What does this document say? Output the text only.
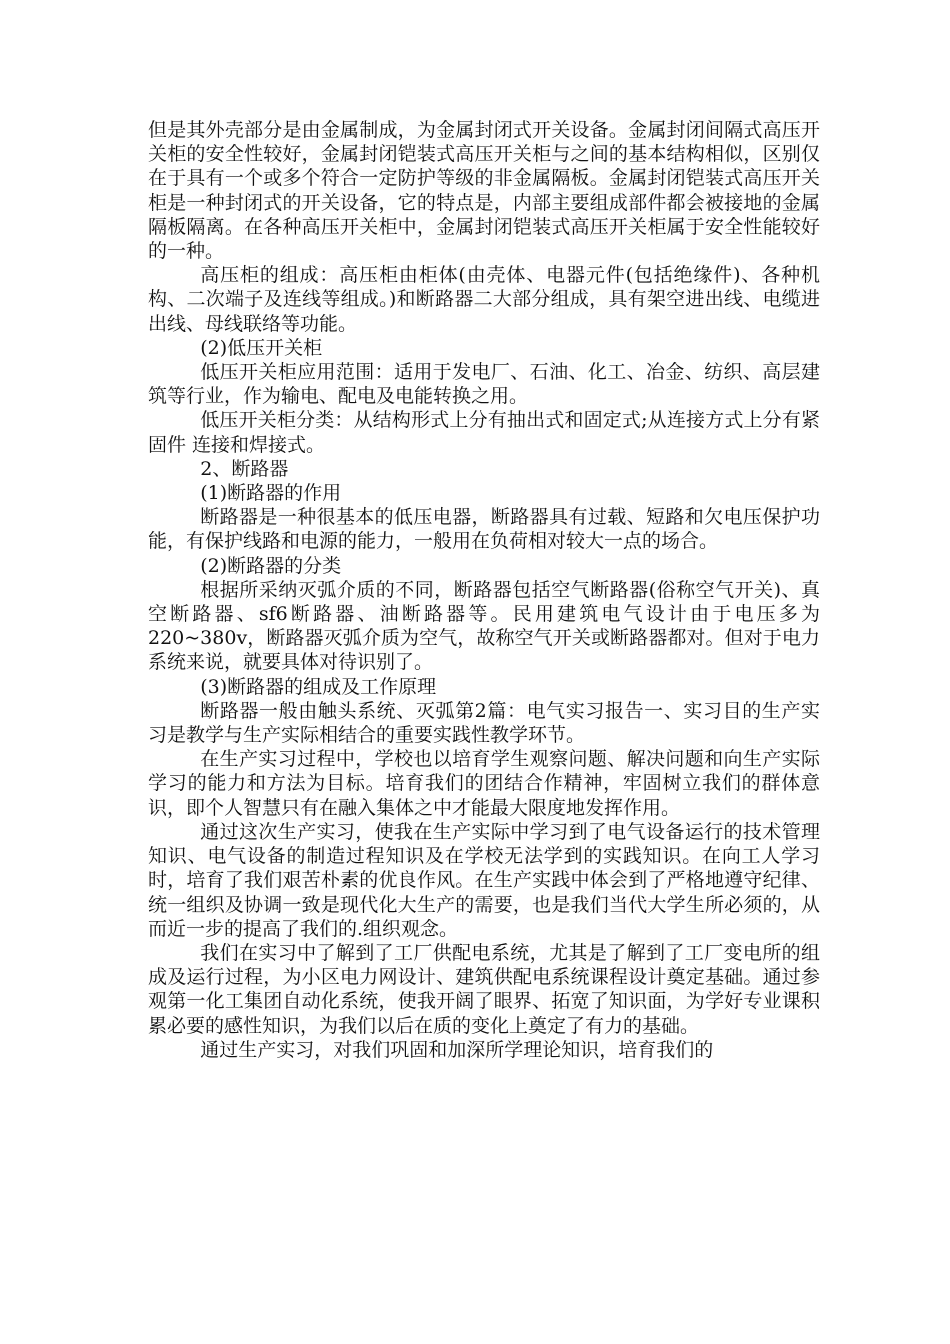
但是其外壳部分是由金属制成，为金属封闭式开关设备。金属封闭间隔式高压开关柜的安全性较好，金属封闭铠装式高压开关柜与之间的基本结构相似，区别仅在于具有一个或多个符合一定防护等级的非金属隔板。金属封闭铠装式高压开关柜是一种封闭式的开关设备，它的特点是，内部主要组成部件都会被接地的金属隔板隔离。在各种高压开关柜中，金属封闭铠装式高压开关柜属于安全性能较好的一种。

高压柜的组成：高压柜由柜体(由壳体、电器元件(包括绝缘件)、各种机构、二次端子及连线等组成。)和断路器二大部分组成，具有架空进出线、电缆进出线、母线联络等功能。

(2)低压开关柜

低压开关柜应用范围：适用于发电厂、石油、化工、冶金、纺织、高层建筑等行业，作为输电、配电及电能转换之用。

低压开关柜分类：从结构形式上分有抽出式和固定式;从连接方式上分有紧固件 连接和焊接式。

2、断路器

(1)断路器的作用

断路器是一种很基本的低压电器，断路器具有过载、短路和欠电压保护功能，有保护线路和电源的能力，一般用在负荷相对较大一点的场合。

(2)断路器的分类

根据所采纳灭弧介质的不同，断路器包括空气断路器(俗称空气开关)、真空断路器、sf6断路器、油断路器等。民用建筑电气设计由于电压多为220~380v，断路器灭弧介质为空气，故称空气开关或断路器都对。但对于电力系统来说，就要具体对待识别了。

(3)断路器的组成及工作原理

断路器一般由触头系统、灭弧第2篇：电气实习报告一、实习目的生产实习是教学与生产实际相结合的重要实践性教学环节。

在生产实习过程中，学校也以培育学生观察问题、解决问题和向生产实际学习的能力和方法为目标。培育我们的团结合作精神，牢固树立我们的群体意识，即个人智慧只有在融入集体之中才能最大限度地发挥作用。

通过这次生产实习，使我在生产实际中学习到了电气设备运行的技术管理知识、电气设备的制造过程知识及在学校无法学到的实践知识。在向工人学习时，培育了我们艰苦朴素的优良作风。在生产实践中体会到了严格地遵守纪律、统一组织及协调一致是现代化大生产的需要，也是我们当代大学生所必须的，从而近一步的提高了我们的.组织观念。

我们在实习中了解到了工厂供配电系统，尤其是了解到了工厂变电所的组成及运行过程，为小区电力网设计、建筑供配电系统课程设计奠定基础。通过参观第一化工集团自动化系统，使我开阔了眼界、拓宽了知识面，为学好专业课积累必要的感性知识，为我们以后在质的变化上奠定了有力的基础。

通过生产实习，对我们巩固和加深所学理论知识，培育我们的
